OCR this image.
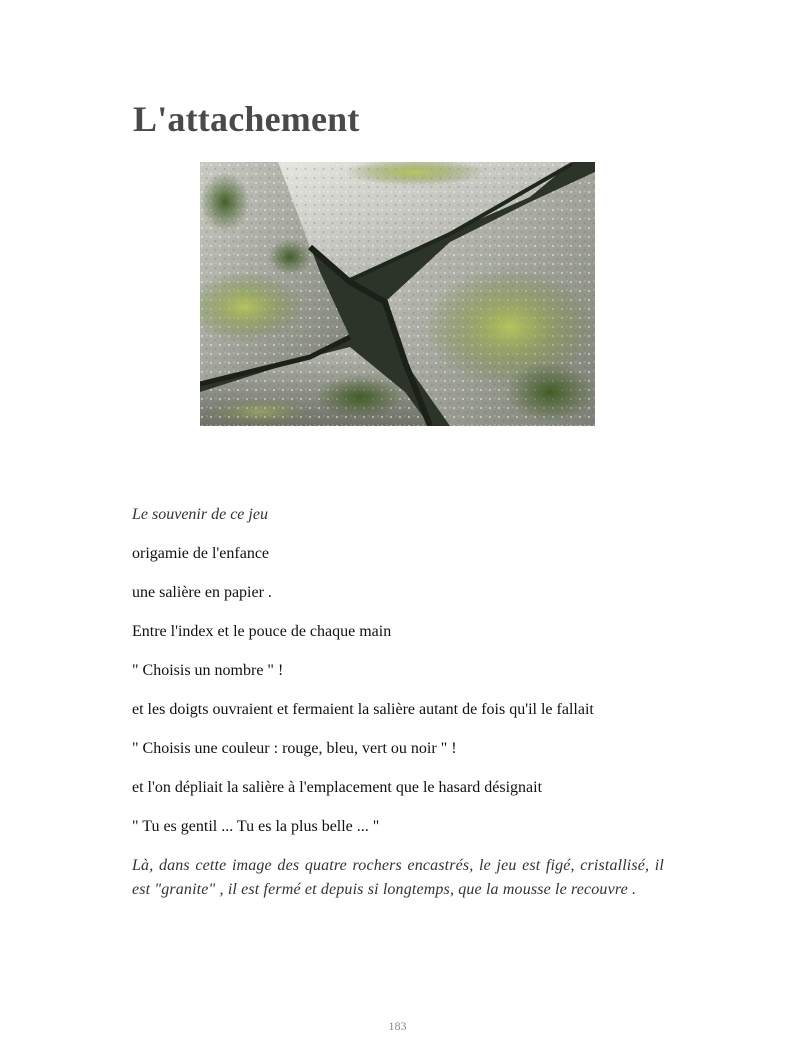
L'attachement

Le souvenir de ce jeu

origamie de l'enfance

une salière en papier .

Entre l'index et le pouce de chaque main

" Choisis un nombre " !

et les doigts ouvraient et fermaient la salière autant de fois qu'il le fallait

" Choisis une couleur : rouge, bleu, vert ou noir " !

et l'on dépliait la salière à l'emplacement que le hasard désignait

" Tu es gentil ... Tu es la plus belle ... "

Là, dans cette image des quatre rochers encastrés, le jeu est figé, cristallisé, il est "granite" , il est fermé et depuis si longtemps, que la mousse le recouvre .

183
